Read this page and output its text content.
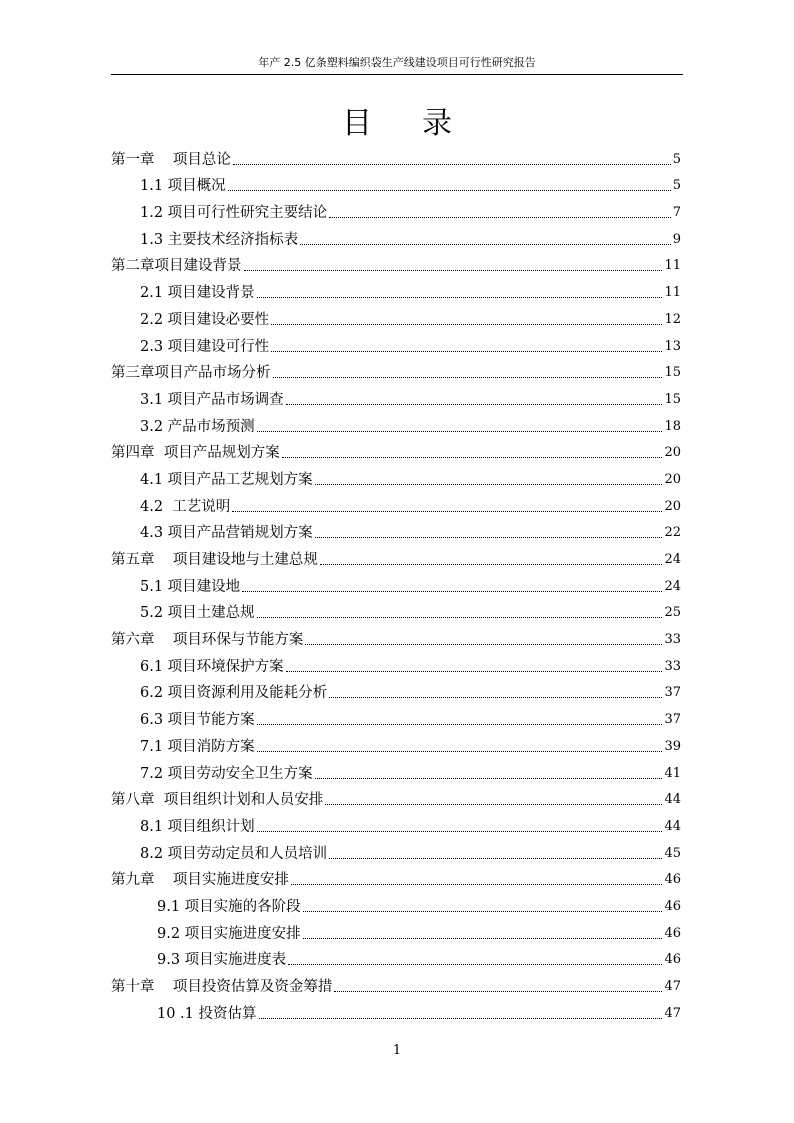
年产 2.5 亿条塑料编织袋生产线建设项目可行性研究报告
目录
第一章    项目总论	5
1.1 项目概况	5
1.2 项目可行性研究主要结论	7
1.3 主要技术经济指标表	9
第二章项目建设背景	11
2.1 项目建设背景	11
2.2 项目建设必要性	12
2.3 项目建设可行性	13
第三章项目产品市场分析	15
3.1 项目产品市场调查	15
3.2 产品市场预测	18
第四章  项目产品规划方案	20
4.1 项目产品工艺规划方案	20
4.2  工艺说明	20
4.3 项目产品营销规划方案	22
第五章    项目建设地与土建总规	24
5.1 项目建设地	24
5.2 项目土建总规	25
第六章    项目环保与节能方案	33
6.1 项目环境保护方案	33
6.2 项目资源利用及能耗分析	37
6.3 项目节能方案	37
7.1 项目消防方案	39
7.2 项目劳动安全卫生方案	41
第八章  项目组织计划和人员安排	44
8.1 项目组织计划	44
8.2 项目劳动定员和人员培训	45
第九章    项目实施进度安排	46
9.1 项目实施的各阶段	46
9.2 项目实施进度安排	46
9.3 项目实施进度表	46
第十章    项目投资估算及资金筹措	47
10 .1 投资估算	47
1
